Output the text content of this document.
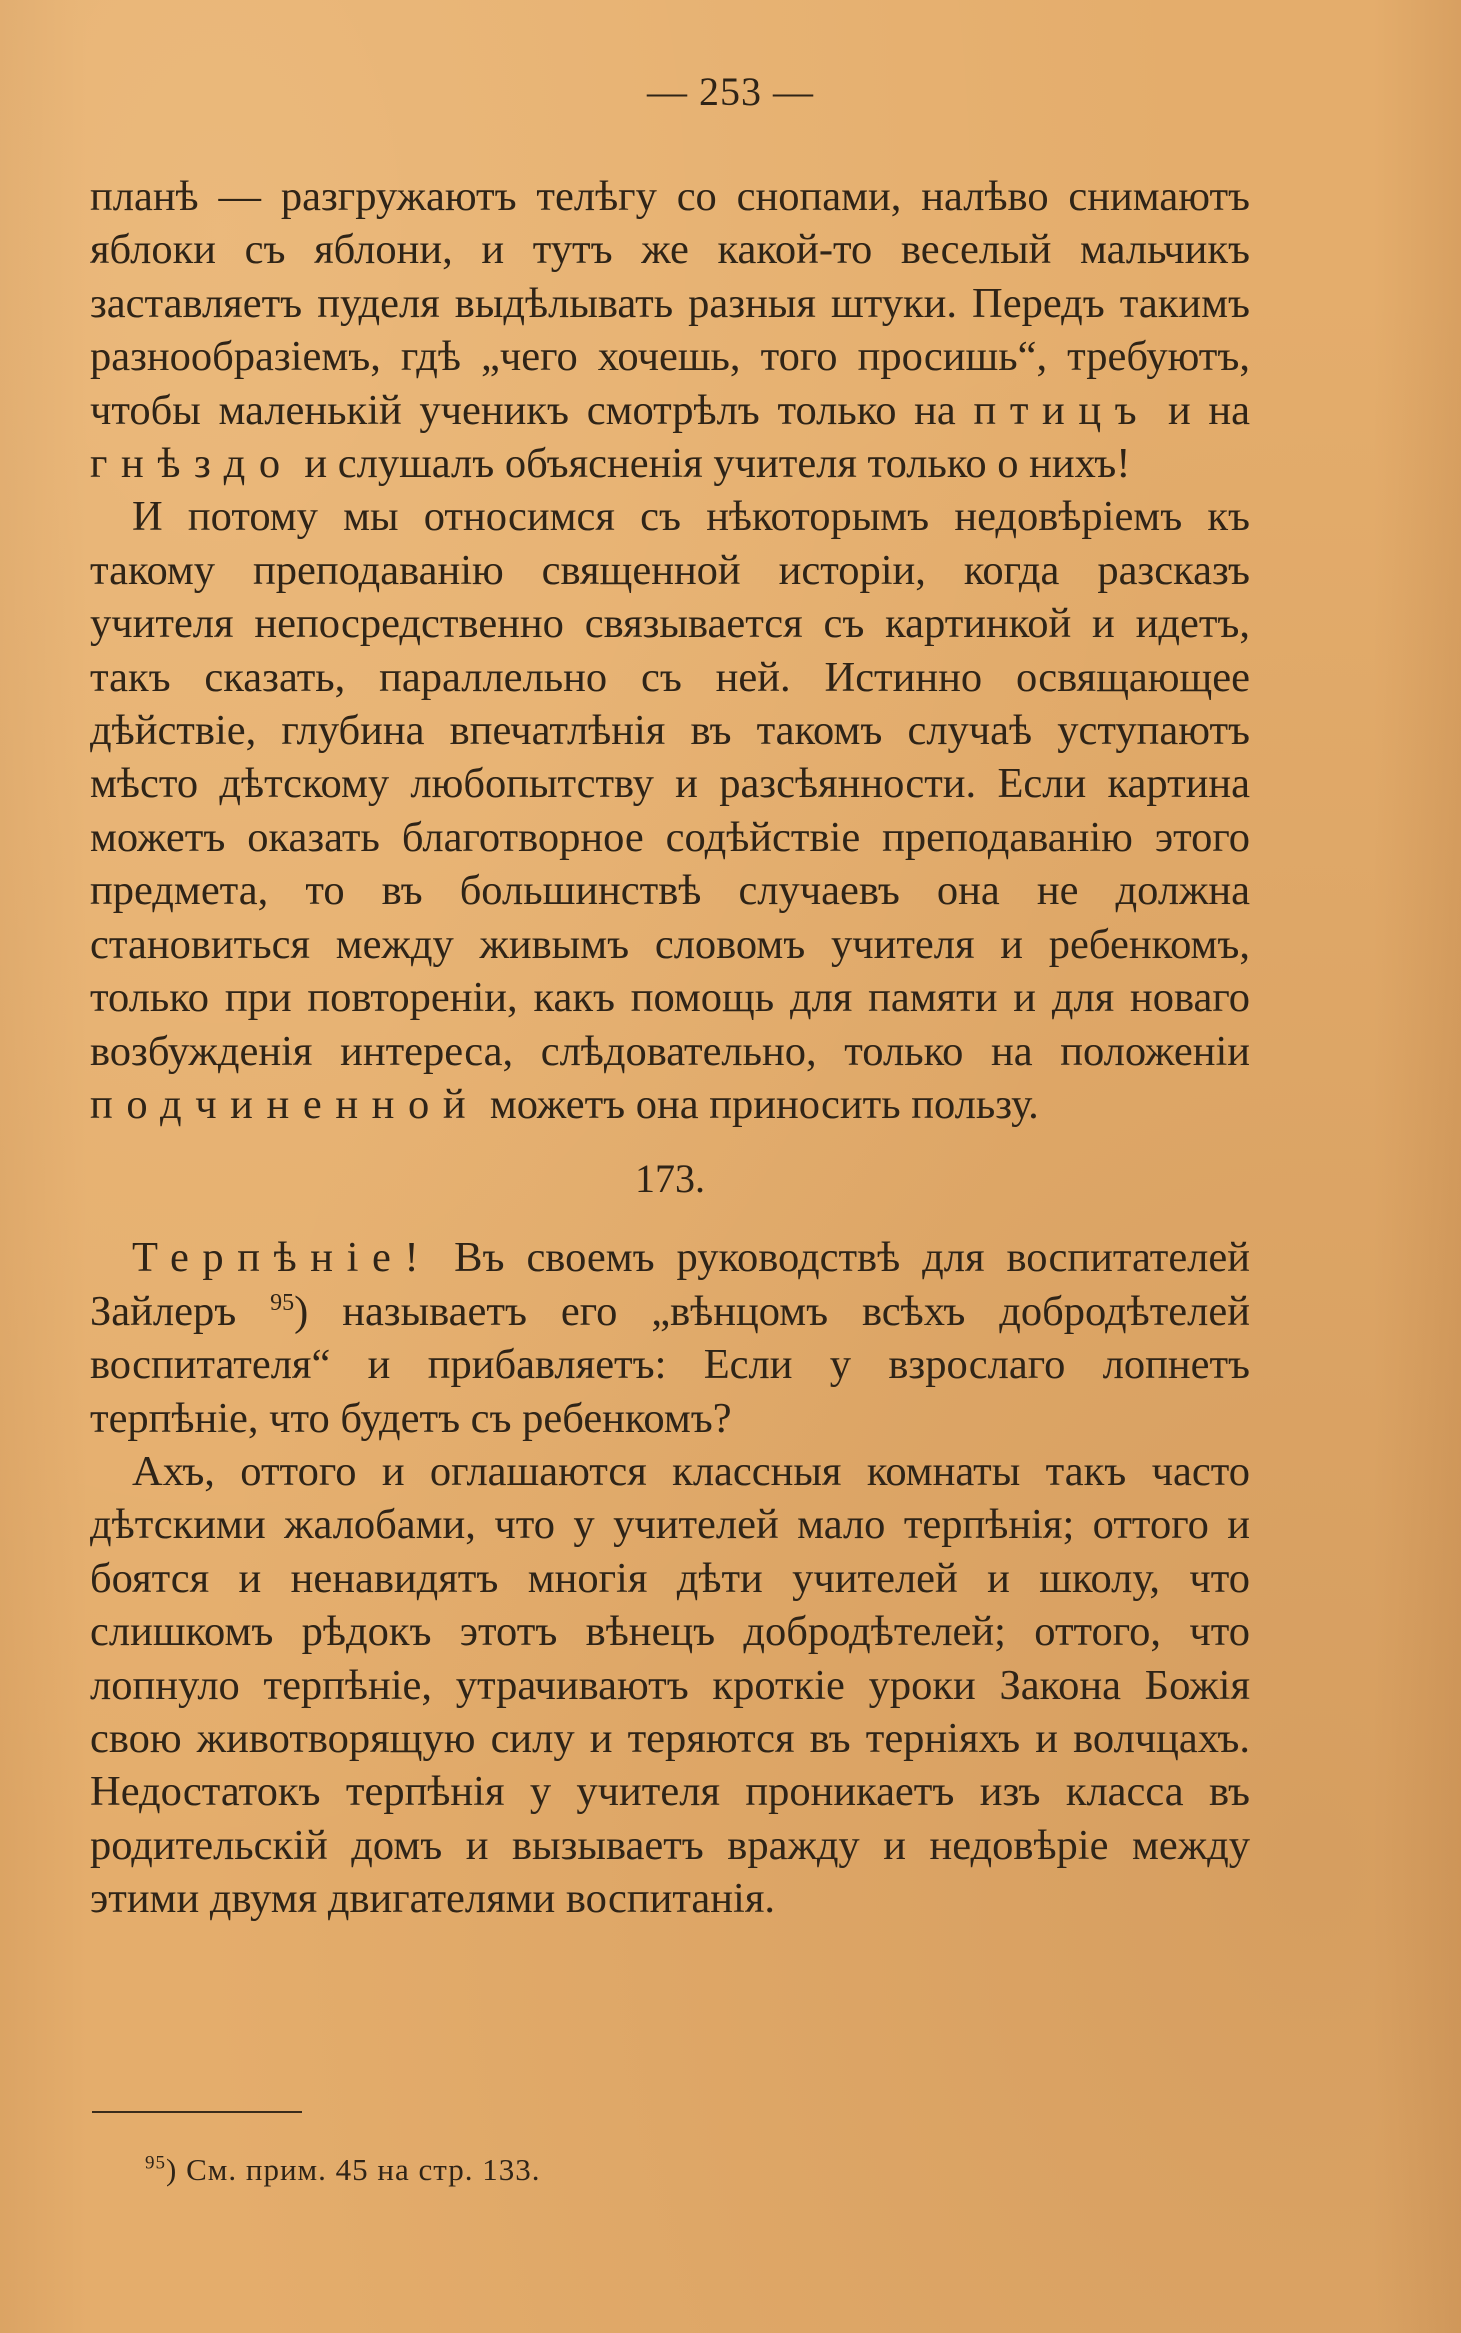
— 253 —

планѣ — разгружаютъ телѣгу со снопами, налѣво снимаютъ яблоки съ яблони, и тутъ же какой-то веселый мальчикъ заставляетъ пуделя выдѣлывать разныя штуки. Передъ такимъ разнообразіемъ, гдѣ „чего хочешь, того просишь“, требуютъ, чтобы маленькій ученикъ смотрѣлъ только на птицъ и на гнѣздо и слушалъ объясненія учителя только о нихъ!

И потому мы относимся съ нѣкоторымъ недовѣріемъ къ такому преподаванію священной исторіи, когда разсказъ учителя непосредственно связывается съ картинкой и идетъ, такъ сказать, параллельно съ ней. Истинно освящающее дѣйствіе, глубина впечатлѣнія въ такомъ случаѣ уступаютъ мѣсто дѣтскому любопытству и разсѣянности. Если картина можетъ оказать благотворное содѣйствіе преподаванію этого предмета, то въ большинствѣ случаевъ она не должна становиться между живымъ словомъ учителя и ребенкомъ, только при повтореніи, какъ помощь для памяти и для новаго возбужденія интереса, слѣдовательно, только на положеніи подчиненной можетъ она приносить пользу.

173.

Терпѣніе! Въ своемъ руководствѣ для воспитателей Зайлеръ $^{95}$) называетъ его „вѣнцомъ всѣхъ добродѣтелей воспитателя“ и прибавляетъ: Если у взрослаго лопнетъ терпѣніе, что будетъ съ ребенкомъ?

Ахъ, оттого и оглашаются классныя комнаты такъ часто дѣтскими жалобами, что у учителей мало терпѣнія; оттого и боятся и ненавидятъ многія дѣти учителей и школу, что слишкомъ рѣдокъ этотъ вѣнецъ добродѣтелей; оттого, что лопнуло терпѣніе, утрачиваютъ кроткіе уроки Закона Божія свою животворящую силу и теряются въ терніяхъ и волчцахъ. Недостатокъ терпѣнія у учителя проникаетъ изъ класса въ родительскій домъ и вызываетъ вражду и недовѣріе между этими двумя двигателями воспитанія.

$^{95}$) См. прим. 45 на стр. 133.
